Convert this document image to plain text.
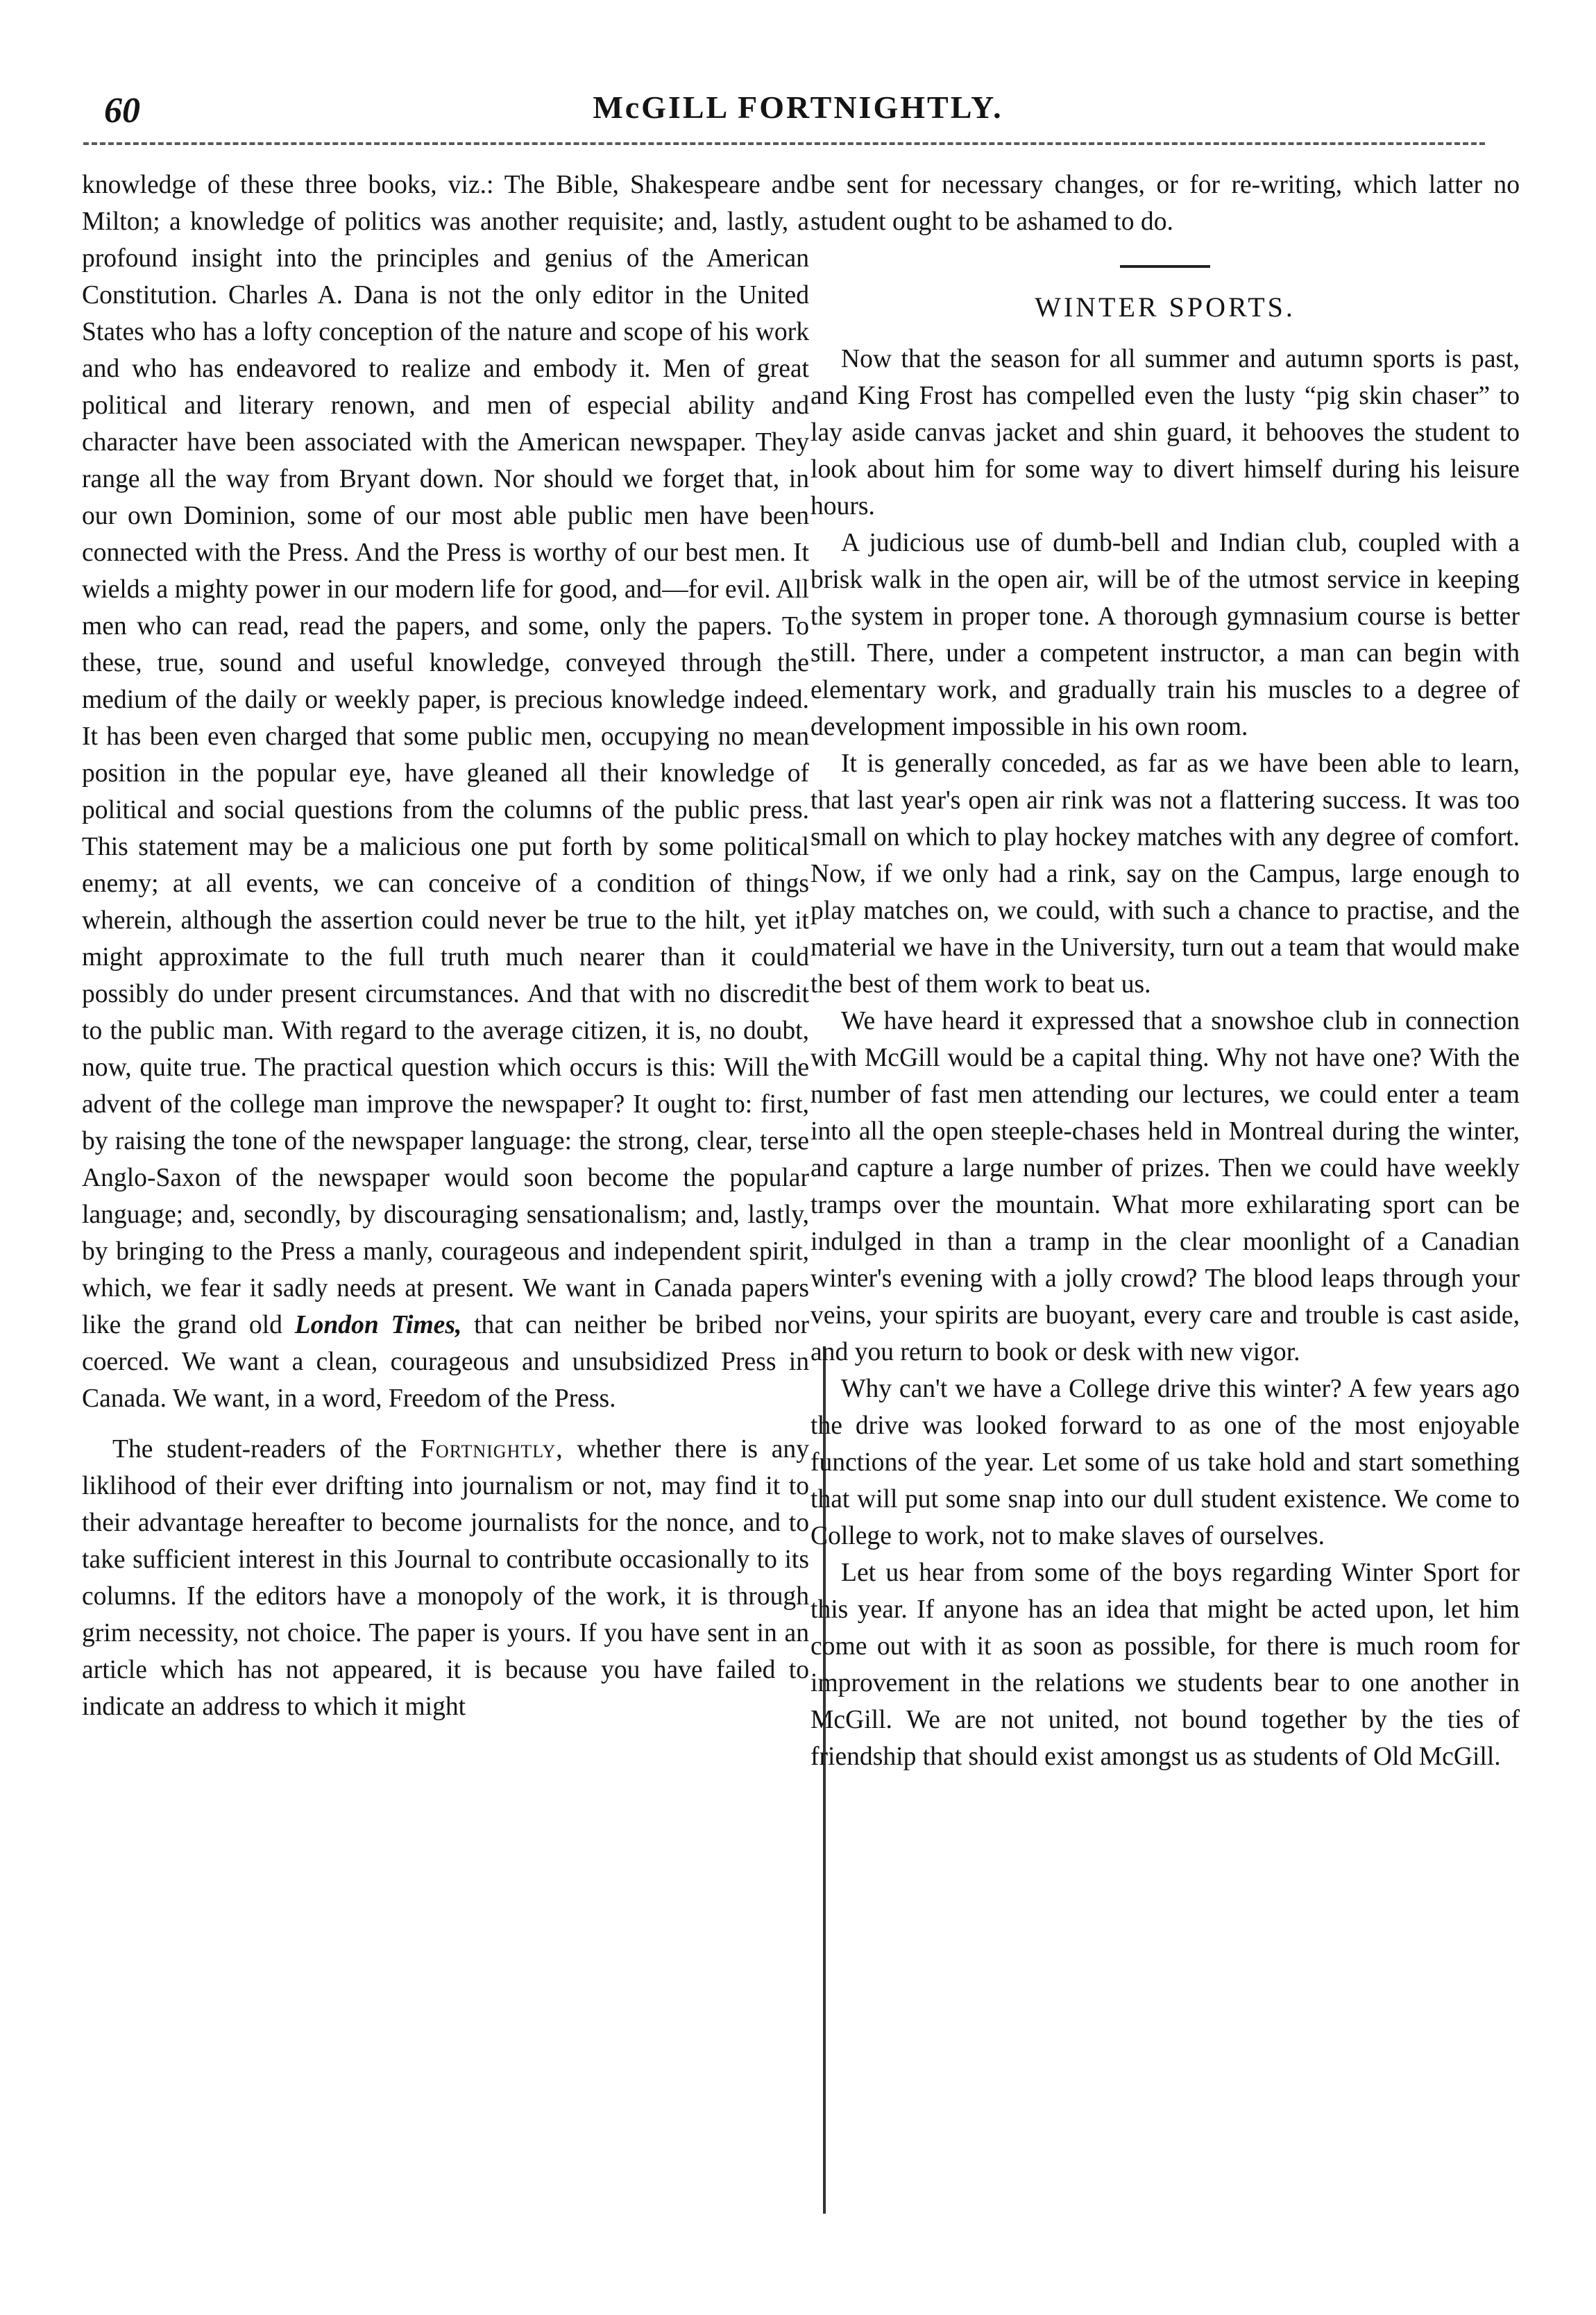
60	McGILL FORTNIGHTLY.

knowledge of these three books, viz.: The Bible, Shakespeare and Milton; a knowledge of politics was another requisite; and, lastly, a profound insight into the principles and genius of the American Constitution. Charles A. Dana is not the only editor in the United States who has a lofty conception of the nature and scope of his work and who has endeavored to realize and embody it. Men of great political and literary renown, and men of especial ability and character have been associated with the American newspaper. They range all the way from Bryant down. Nor should we forget that, in our own Dominion, some of our most able public men have been connected with the Press. And the Press is worthy of our best men. It wields a mighty power in our modern life for good, and—for evil. All men who can read, read the papers, and some, only the papers. To these, true, sound and useful knowledge, conveyed through the medium of the daily or weekly paper, is precious knowledge indeed. It has been even charged that some public men, occupying no mean position in the popular eye, have gleaned all their knowledge of political and social questions from the columns of the public press. This statement may be a malicious one put forth by some political enemy; at all events, we can conceive of a condition of things wherein, although the assertion could never be true to the hilt, yet it might approximate to the full truth much nearer than it could possibly do under present circumstances. And that with no discredit to the public man. With regard to the average citizen, it is, no doubt, now, quite true. The practical question which occurs is this: Will the advent of the college man improve the newspaper? It ought to: first, by raising the tone of the newspaper language: the strong, clear, terse Anglo-Saxon of the newspaper would soon become the popular language; and, secondly, by discouraging sensationalism; and, lastly, by bringing to the Press a manly, courageous and independent spirit, which, we fear it sadly needs at present. We want in Canada papers like the grand old London Times, that can neither be bribed nor coerced. We want a clean, courageous and unsubsidized Press in Canada. We want, in a word, Freedom of the Press.

The student-readers of the Fortnightly, whether there is any liklihood of their ever drifting into journalism or not, may find it to their advantage hereafter to become journalists for the nonce, and to take sufficient interest in this Journal to contribute occasionally to its columns. If the editors have a monopoly of the work, it is through grim necessity, not choice. The paper is yours. If you have sent in an article which has not appeared, it is because you have failed to indicate an address to which it might

be sent for necessary changes, or for re-writing, which latter no student ought to be ashamed to do.

WINTER SPORTS.

Now that the season for all summer and autumn sports is past, and King Frost has compelled even the lusty “pig skin chaser” to lay aside canvas jacket and shin guard, it behooves the student to look about him for some way to divert himself during his leisure hours.

A judicious use of dumb-bell and Indian club, coupled with a brisk walk in the open air, will be of the utmost service in keeping the system in proper tone. A thorough gymnasium course is better still. There, under a competent instructor, a man can begin with elementary work, and gradually train his muscles to a degree of development impossible in his own room.

It is generally conceded, as far as we have been able to learn, that last year's open air rink was not a flattering success. It was too small on which to play hockey matches with any degree of comfort. Now, if we only had a rink, say on the Campus, large enough to play matches on, we could, with such a chance to practise, and the material we have in the University, turn out a team that would make the best of them work to beat us.

We have heard it expressed that a snowshoe club in connection with McGill would be a capital thing. Why not have one? With the number of fast men attending our lectures, we could enter a team into all the open steeple-chases held in Montreal during the winter, and capture a large number of prizes. Then we could have weekly tramps over the mountain. What more exhilarating sport can be indulged in than a tramp in the clear moonlight of a Canadian winter's evening with a jolly crowd? The blood leaps through your veins, your spirits are buoyant, every care and trouble is cast aside, and you return to book or desk with new vigor.

Why can't we have a College drive this winter? A few years ago the drive was looked forward to as one of the most enjoyable functions of the year. Let some of us take hold and start something that will put some snap into our dull student existence. We come to College to work, not to make slaves of ourselves.

Let us hear from some of the boys regarding Winter Sport for this year. If anyone has an idea that might be acted upon, let him come out with it as soon as possible, for there is much room for improvement in the relations we students bear to one another in McGill. We are not united, not bound together by the ties of friendship that should exist amongst us as students of Old McGill.
